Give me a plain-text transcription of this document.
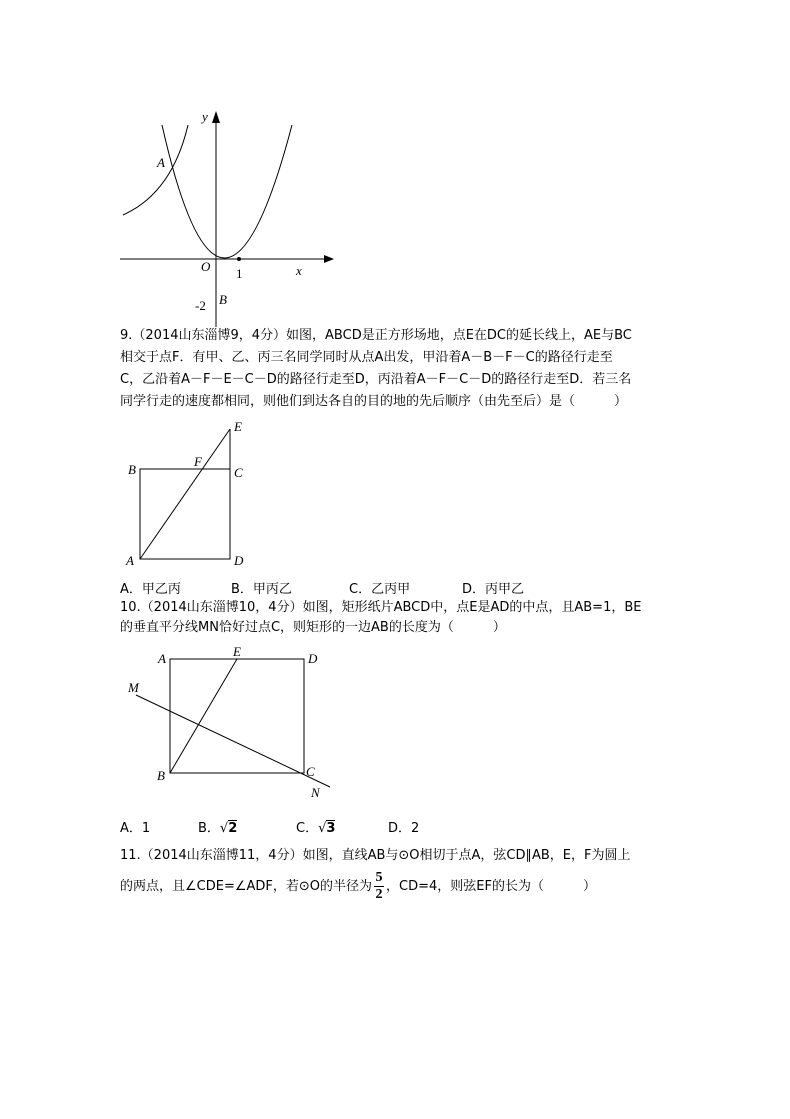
y
x
O
A
B
1
-2
9.（2014山东淄博9，4分）如图，ABCD是正方形场地，点E在DC的延长线上，AE与BC
相交于点F．有甲、乙、丙三名同学同时从点A出发，甲沿着A－B－F－C的路径行走至
C，乙沿着A－F－E－C－D的路径行走至D，丙沿着A－F－C－D的路径行走至D．若三名
同学行走的速度都相同，则他们到达各自的目的地的先后顺序（由先至后）是（　　　）
B	C
D
A
E
F
A．甲乙丙	B．甲丙乙	C．乙丙甲	D．丙甲乙
10.（2014山东淄博10，4分）如图，矩形纸片ABCD中，点E是AD的中点，且AB=1，BE
的垂直平分线MN恰好过点C，则矩形的一边AB的长度为（　　　）
A	E	D
M
B	C
N
A．1	B．√2	C．√3	D．2
11.（2014山东淄博11，4分）如图，直线AB与⊙O相切于点A，弦CD∥AB，E，F为圆上
的两点，且∠CDE=∠ADF，若⊙O的半径为 $\frac{5}{2}$ ，CD=4，则弦EF的长为（　　　）
